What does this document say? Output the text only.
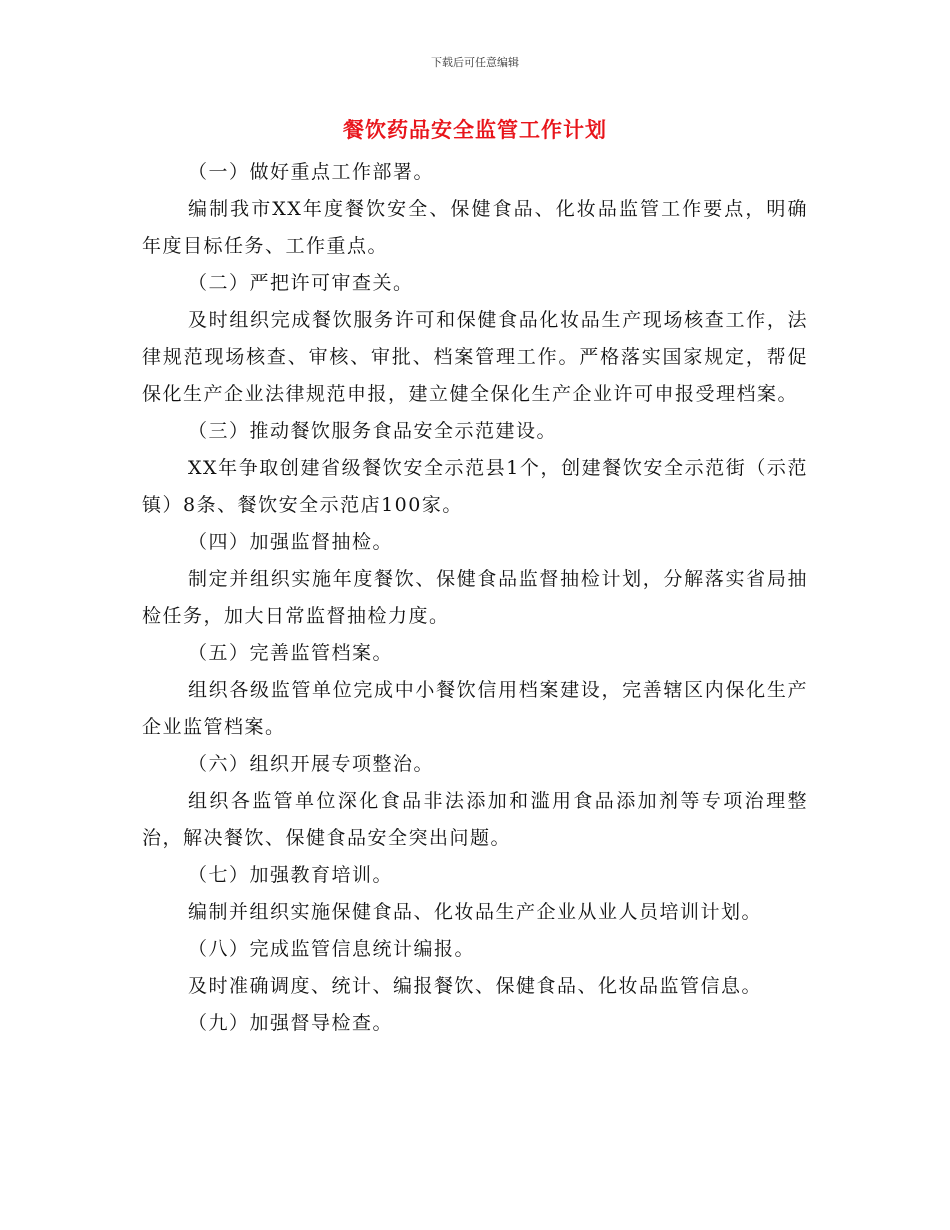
下载后可任意编辑
餐饮药品安全监管工作计划

（一）做好重点工作部署。

编制我市XX年度餐饮安全、保健食品、化妆品监管工作要点，明确年度目标任务、工作重点。

（二）严把许可审查关。

及时组织完成餐饮服务许可和保健食品化妆品生产现场核查工作，法律规范现场核查、审核、审批、档案管理工作。严格落实国家规定，帮促保化生产企业法律规范申报，建立健全保化生产企业许可申报受理档案。

（三）推动餐饮服务食品安全示范建设。

XX年争取创建省级餐饮安全示范县1个，创建餐饮安全示范街（示范镇）8条、餐饮安全示范店100家。

（四）加强监督抽检。

制定并组织实施年度餐饮、保健食品监督抽检计划，分解落实省局抽检任务，加大日常监督抽检力度。

（五）完善监管档案。

组织各级监管单位完成中小餐饮信用档案建设，完善辖区内保化生产企业监管档案。

（六）组织开展专项整治。

组织各监管单位深化食品非法添加和滥用食品添加剂等专项治理整治，解决餐饮、保健食品安全突出问题。

（七）加强教育培训。

编制并组织实施保健食品、化妆品生产企业从业人员培训计划。

（八）完成监管信息统计编报。

及时准确调度、统计、编报餐饮、保健食品、化妆品监管信息。

（九）加强督导检查。
